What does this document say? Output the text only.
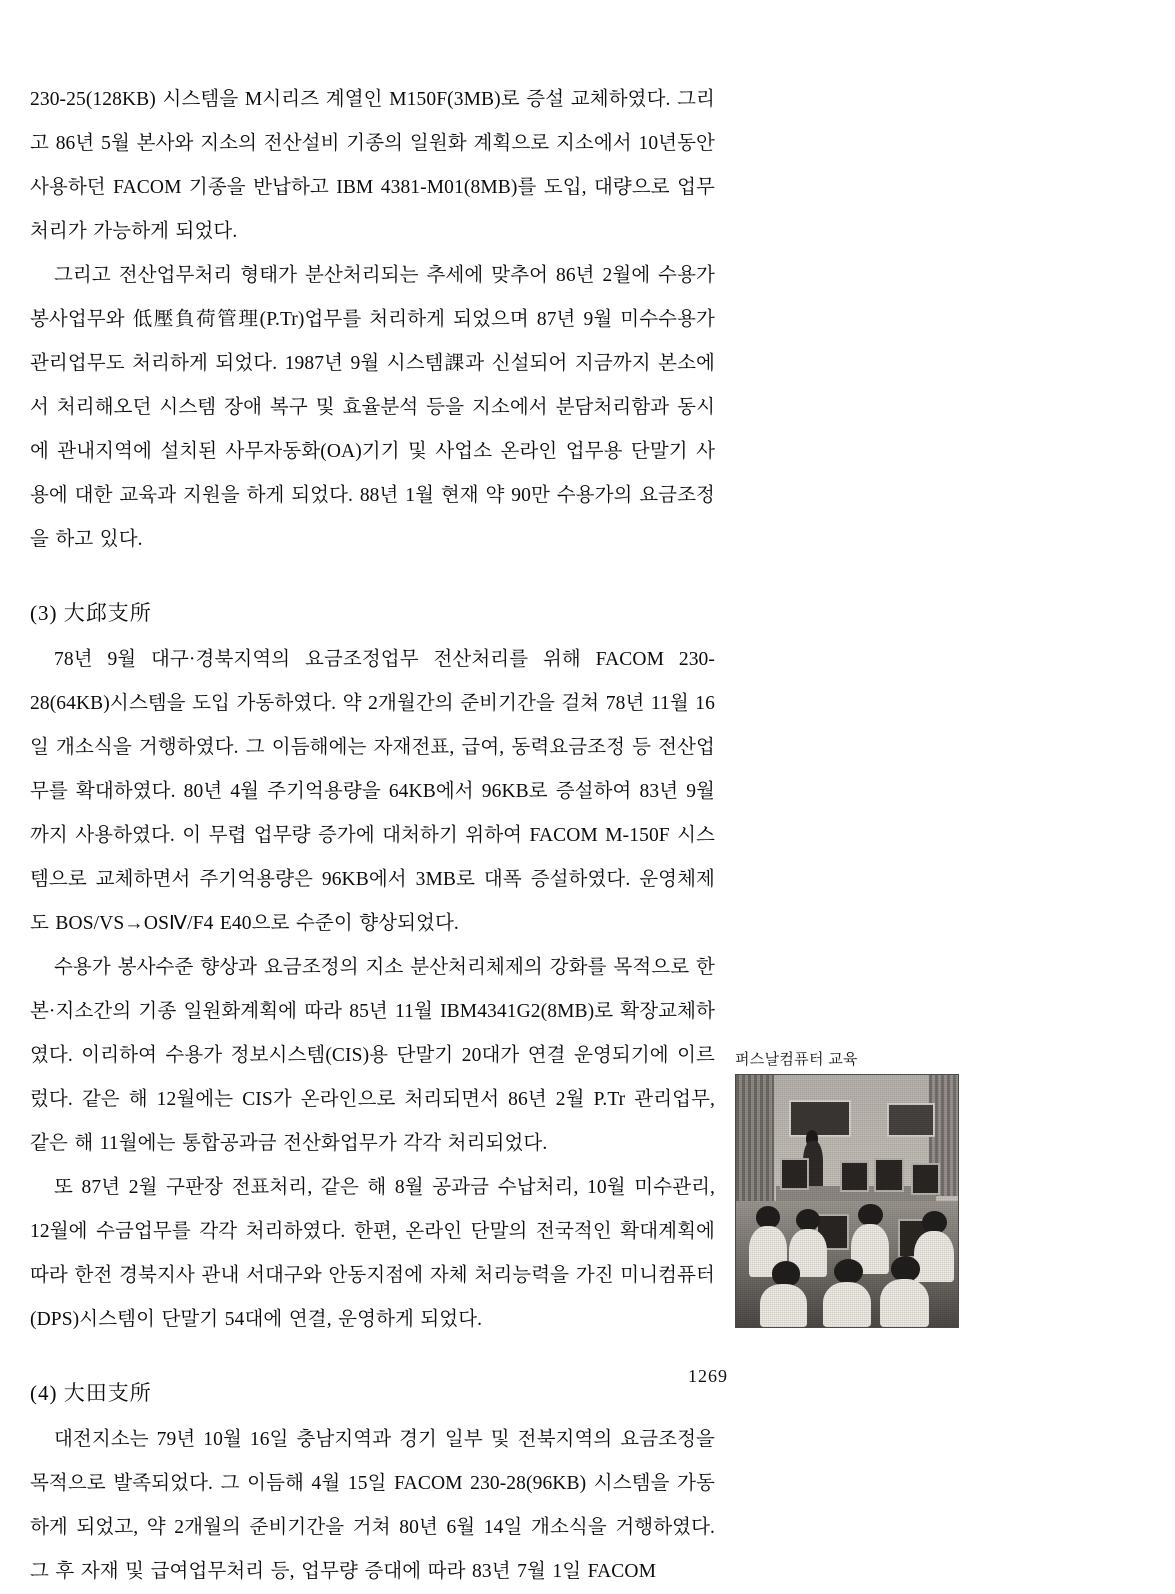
230-25(128KB) 시스템을 M시리즈 계열인 M150F(3MB)로 증설 교체하였다. 그리고 86년 5월 본사와 지소의 전산설비 기종의 일원화 계획으로 지소에서 10년동안 사용하던 FACOM 기종을 반납하고 IBM 4381-M01(8MB)를 도입, 대량으로 업무처리가 가능하게 되었다.

그리고 전산업무처리 형태가 분산처리되는 추세에 맞추어 86년 2월에 수용가봉사업무와 低壓負荷管理(P.Tr)업무를 처리하게 되었으며 87년 9월 미수수용가 관리업무도 처리하게 되었다. 1987년 9월 시스템課과 신설되어 지금까지 본소에서 처리해오던 시스템 장애 복구 및 효율분석 등을 지소에서 분담처리함과 동시에 관내지역에 설치된 사무자동화(OA)기기 및 사업소 온라인 업무용 단말기 사용에 대한 교육과 지원을 하게 되었다. 88년 1월 현재 약 90만 수용가의 요금조정을 하고 있다.

(3) 大邱支所

78년 9월 대구·경북지역의 요금조정업무 전산처리를 위해 FACOM 230-28(64KB)시스템을 도입 가동하였다. 약 2개월간의 준비기간을 걸쳐 78년 11월 16일 개소식을 거행하였다. 그 이듬해에는 자재전표, 급여, 동력요금조정 등 전산업무를 확대하였다. 80년 4월 주기억용량을 64KB에서 96KB로 증설하여 83년 9월까지 사용하였다. 이 무렵 업무량 증가에 대처하기 위하여 FACOM M-150F 시스템으로 교체하면서 주기억용량은 96KB에서 3MB로 대폭 증설하였다. 운영체제도 BOS/VS→OSⅣ/F4 E40으로 수준이 향상되었다.

수용가 봉사수준 향상과 요금조정의 지소 분산처리체제의 강화를 목적으로 한 본·지소간의 기종 일원화계획에 따라 85년 11월 IBM4341G2(8MB)로 확장교체하였다. 이리하여 수용가 정보시스템(CIS)용 단말기 20대가 연결 운영되기에 이르렀다. 같은 해 12월에는 CIS가 온라인으로 처리되면서 86년 2월 P.Tr 관리업무, 같은 해 11월에는 통합공과금 전산화업무가 각각 처리되었다.

또 87년 2월 구판장 전표처리, 같은 해 8월 공과금 수납처리, 10월 미수관리, 12월에 수금업무를 각각 처리하였다. 한편, 온라인 단말의 전국적인 확대계획에 따라 한전 경북지사 관내 서대구와 안동지점에 자체 처리능력을 가진 미니컴퓨터(DPS)시스템이 단말기 54대에 연결, 운영하게 되었다.

(4) 大田支所

대전지소는 79년 10월 16일 충남지역과 경기 일부 및 전북지역의 요금조정을 목적으로 발족되었다. 그 이듬해 4월 15일 FACOM 230-28(96KB) 시스템을 가동하게 되었고, 약 2개월의 준비기간을 거쳐 80년 6월 14일 개소식을 거행하였다. 그 후 자재 및 급여업무처리 등, 업무량 증대에 따라 83년 7월 1일 FACOM

퍼스날컴퓨터 교육
1269
